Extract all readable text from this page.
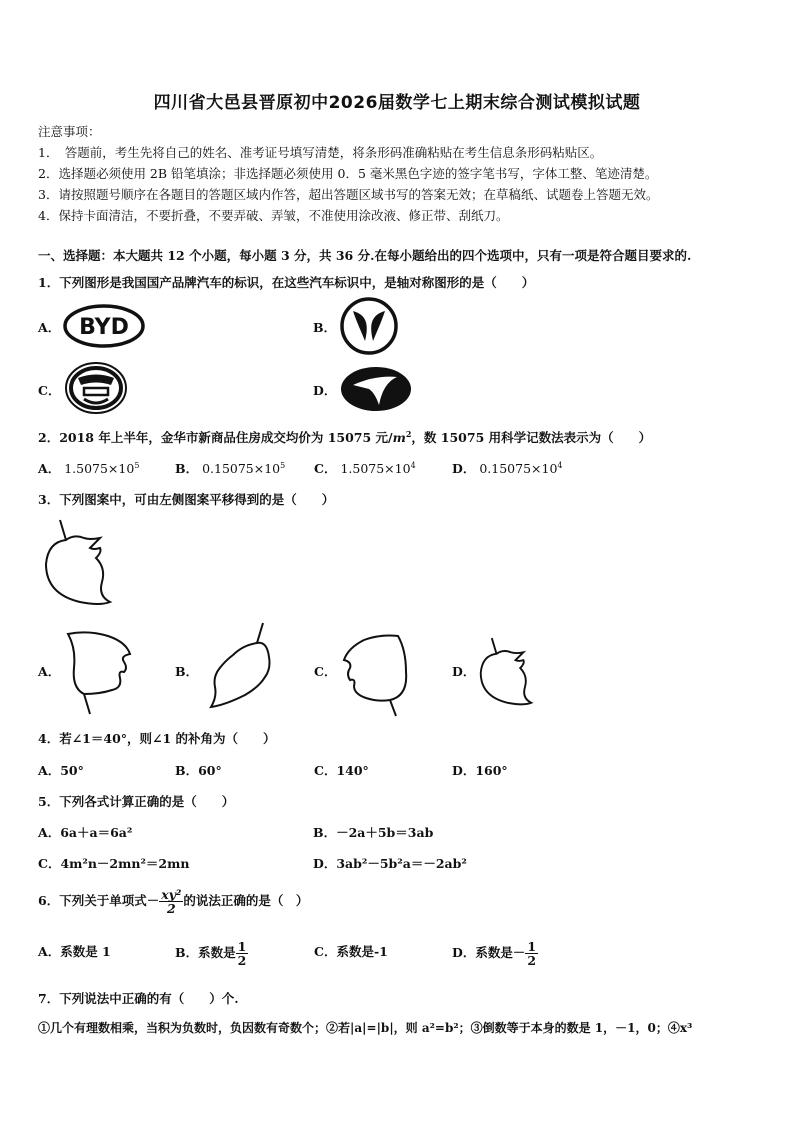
四川省大邑县晋原初中2026届数学七上期末综合测试模拟试题
注意事项：
1．　答题前，考生先将自己的姓名、准考证号填写清楚，将条形码准确粘贴在考生信息条形码粘贴区。
2．选择题必须使用 2B 铅笔填涂；非选择题必须使用 0．5 毫米黑色字迹的签字笔书写，字体工整、笔迹清楚。
3．请按照题号顺序在各题目的答题区域内作答，超出答题区域书写的答案无效；在草稿纸、试题卷上答题无效。
4．保持卡面清洁，不要折叠，不要弄破、弄皱，不准使用涂改液、修正带、刮纸刀。
一、选择题：本大题共 12 个小题，每小题 3 分，共 36 分.在每小题给出的四个选项中，只有一项是符合题目要求的.
1．下列图形是我国国产品牌汽车的标识，在这些汽车标识中，是轴对称图形的是（　　）
A．	B．
C．	D．
BYD
2．2018 年上半年，金华市新商品住房成交均价为 15075 元$/m^2$，数 15075 用科学记数法表示为（　　）
A． $1.5075\times 10^5$	B． $0.15075\times 10^5$ C． $1.5075\times 10^4$	D． $0.15075\times 10^4$
3．下列图案中，可由左侧图案平移得到的是（　　）
A．	B．	C．	D．
4．若∠1＝40°，则∠1 的补角为（　　）
A．50°	B．60°	C．140°	D．160°
5．下列各式计算正确的是（　　）
A．6a＋a＝6a²	B．－2a＋5b＝3ab
C．4m²n－2mn²＝2mn	D．3ab²－5b²a＝－2ab²
6．下列关于单项式－ $\frac{\text{xy²}}{2}$ 的说法正确的是（　）
A．系数是 1	B．系数是 $\frac{1}{2}$	C．系数是-1	D．系数是－ $\frac{1}{2}$
7．下列说法中正确的有（　　）个.
①几个有理数相乘，当积为负数时，负因数有奇数个；②若|a|=|b|，则 a²=b²；③倒数等于本身的数是 1，－1，0；④x³
